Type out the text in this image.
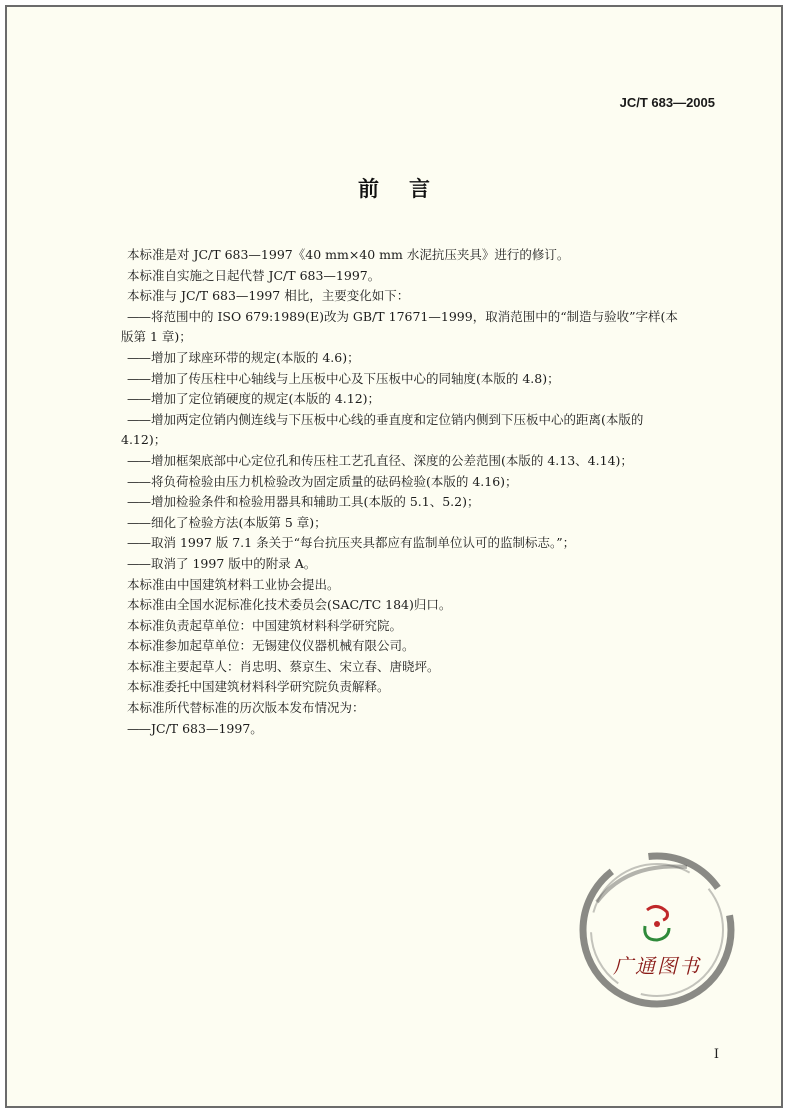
JC/T 683—2005
前 言
本标准是对 JC/T 683—1997《40 mm×40 mm 水泥抗压夹具》进行的修订。
本标准自实施之日起代替 JC/T 683—1997。
本标准与 JC/T 683—1997 相比，主要变化如下：
—— 将范围中的 ISO 679:1989(E)改为 GB/T 17671—1999，取消范围中的“制造与验收”字样(本
版第 1 章)；
—— 增加了球座环带的规定(本版的 4.6)；
—— 增加了传压柱中心轴线与上压板中心及下压板中心的同轴度(本版的 4.8)；
—— 增加了定位销硬度的规定(本版的 4.12)；
—— 增加两定位销内侧连线与下压板中心线的垂直度和定位销内侧到下压板中心的距离(本版的
4.12)；
—— 增加框架底部中心定位孔和传压柱工艺孔直径、深度的公差范围(本版的 4.13、4.14)；
—— 将负荷检验由压力机检验改为固定质量的砝码检验(本版的 4.16)；
—— 增加检验条件和检验用器具和辅助工具(本版的 5.1、5.2)；
—— 细化了检验方法(本版第 5 章)；
—— 取消 1997 版 7.1 条关于“每台抗压夹具都应有监制单位认可的监制标志。”；
—— 取消了 1997 版中的附录 A。
本标准由中国建筑材料工业协会提出。
本标准由全国水泥标准化技术委员会(SAC/TC 184)归口。
本标准负责起草单位：中国建筑材料科学研究院。
本标准参加起草单位：无锡建仪仪器机械有限公司。
本标准主要起草人：肖忠明、蔡京生、宋立春、唐晓坪。
本标准委托中国建筑材料科学研究院负责解释。
本标准所代替标准的历次版本发布情况为：
—— JC/T 683—1997。
广通图书
I
